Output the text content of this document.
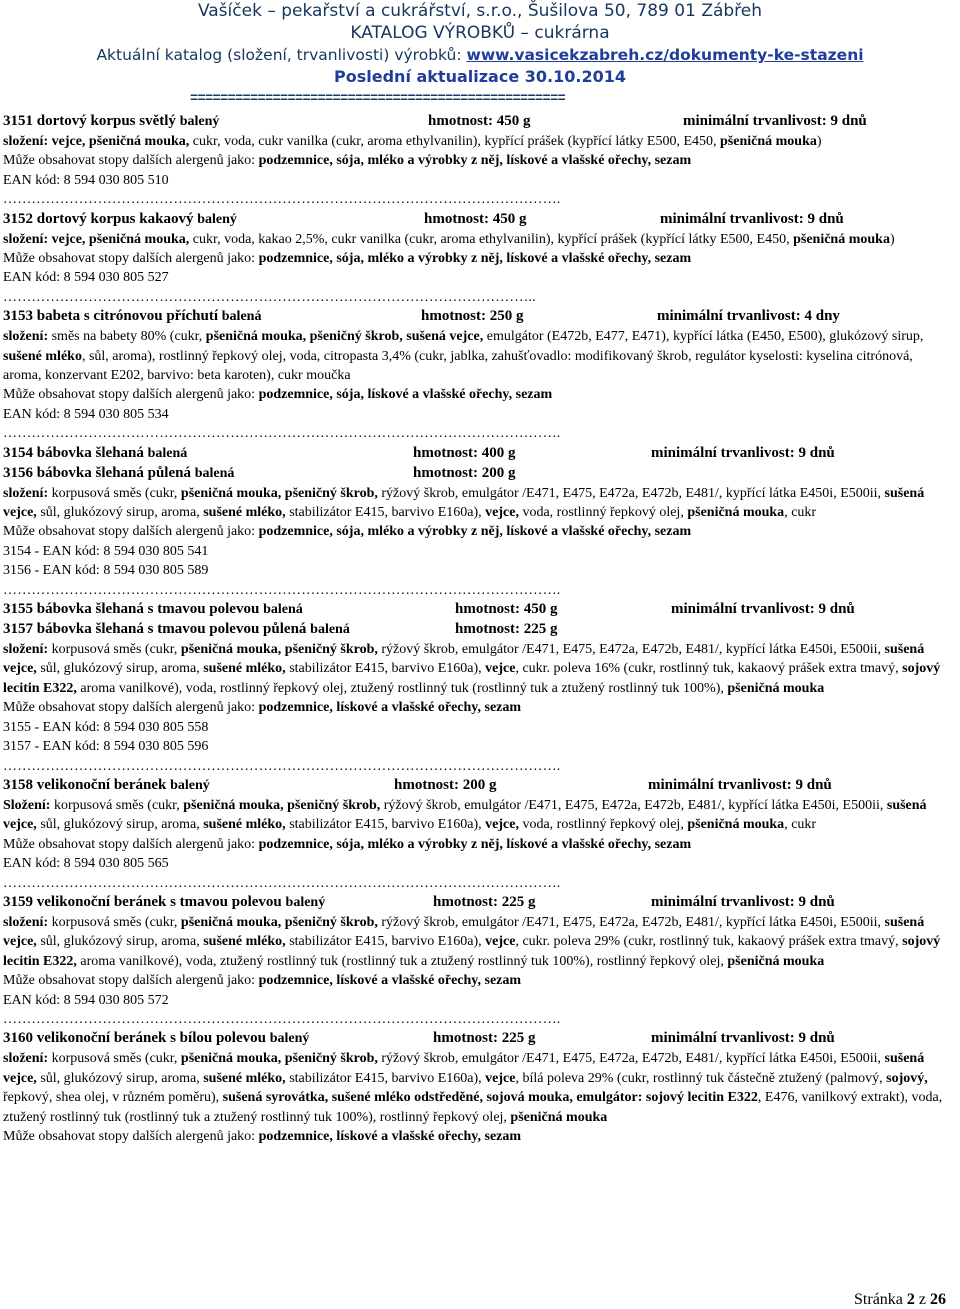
Vašíček – pekařství a cukrářství, s.r.o., Šušilova 50, 789 01 Zábřeh
KATALOG VÝROBKŮ – cukrárna
Aktuální katalog (složení, trvanlivosti) výrobků: www.vasicekzabreh.cz/dokumenty-ke-stazeni
Poslední aktualizace 30.10.2014
==================================================
3151 dortový korpus světlý balený	hmotnost: 450 g	minimální trvanlivost: 9 dnů

složení: vejce, pšeničná mouka, cukr, voda, cukr vanilka (cukr, aroma ethylvanilin), kypřící prášek (kypřící látky E500, E450, pšeničná mouka)

Může obsahovat stopy dalších alergenů jako: podzemnice, sója, mléko a výrobky z něj, lískové a vlašské ořechy, sezam

EAN kód: 8 594 030 805 510

……………………………………………………………………………………………………….
3152 dortový korpus kakaový balený	hmotnost: 450 g	minimální trvanlivost: 9 dnů

složení: vejce, pšeničná mouka, cukr, voda, kakao 2,5%, cukr vanilka (cukr, aroma ethylvanilin), kypřící prášek (kypřící látky E500, E450, pšeničná mouka)

Může obsahovat stopy dalších alergenů jako: podzemnice, sója, mléko a výrobky z něj, lískové a vlašské ořechy, sezam

EAN kód: 8 594 030 805 527

…………………………………………………………………………………………………..
3153 babeta s citrónovou příchutí balená	hmotnost: 250 g	minimální trvanlivost: 4 dny

složení: směs na babety 80% (cukr, pšeničná mouka, pšeničný škrob, sušená vejce, emulgátor (E472b, E477, E471), kypřící látka (E450, E500), glukózový sirup, sušené mléko, sůl, aroma), rostlinný řepkový olej, voda, citropasta 3,4% (cukr, jablka, zahušťovadlo: modifikovaný škrob, regulátor kyselosti: kyselina citrónová, aroma, konzervant E202, barvivo: beta karoten), cukr moučka

Může obsahovat stopy dalších alergenů jako: podzemnice, sója, lískové a vlašské ořechy, sezam

EAN kód: 8 594 030 805 534

……………………………………………………………………………………………………….
3154 bábovka šlehaná balená	hmotnost: 400 g	minimální trvanlivost: 9 dnů
3156 bábovka šlehaná půlená balená	hmotnost: 200 g

složení: korpusová směs (cukr, pšeničná mouka, pšeničný škrob, rýžový škrob, emulgátor /E471, E475, E472a, E472b, E481/, kypřící látka E450i, E500ii, sušená vejce, sůl, glukózový sirup, aroma, sušené mléko, stabilizátor E415, barvivo E160a), vejce, voda, rostlinný řepkový olej, pšeničná mouka, cukr

Může obsahovat stopy dalších alergenů jako: podzemnice, sója, mléko a výrobky z něj, lískové a vlašské ořechy, sezam

3154 - EAN kód: 8 594 030 805 541

3156 - EAN kód: 8 594 030 805 589

……………………………………………………………………………………………………….
3155 bábovka šlehaná s tmavou polevou balená	hmotnost: 450 g	minimální trvanlivost: 9 dnů
3157 bábovka šlehaná s tmavou polevou půlená balená	hmotnost: 225 g

složení: korpusová směs (cukr, pšeničná mouka, pšeničný škrob, rýžový škrob, emulgátor /E471, E475, E472a, E472b, E481/, kypřící látka E450i, E500ii, sušená vejce, sůl, glukózový sirup, aroma, sušené mléko, stabilizátor E415, barvivo E160a), vejce, cukr. poleva 16% (cukr, rostlinný tuk, kakaový prášek extra tmavý, sojový lecitin E322, aroma vanilkové), voda, rostlinný řepkový olej, ztužený rostlinný tuk (rostlinný tuk a ztužený rostlinný tuk 100%), pšeničná mouka

Může obsahovat stopy dalších alergenů jako: podzemnice, lískové a vlašské ořechy, sezam

3155 - EAN kód: 8 594 030 805 558

3157 - EAN kód: 8 594 030 805 596

……………………………………………………………………………………………………….
3158 velikonoční beránek balený	hmotnost: 200 g	minimální trvanlivost: 9 dnů

Složení: korpusová směs (cukr, pšeničná mouka, pšeničný škrob, rýžový škrob, emulgátor /E471, E475, E472a, E472b, E481/, kypřící látka E450i, E500ii, sušená vejce, sůl, glukózový sirup, aroma, sušené mléko, stabilizátor E415, barvivo E160a), vejce, voda, rostlinný řepkový olej, pšeničná mouka, cukr

Může obsahovat stopy dalších alergenů jako: podzemnice, sója, mléko a výrobky z něj, lískové a vlašské ořechy, sezam

EAN kód: 8 594 030 805 565

……………………………………………………………………………………………………….
3159 velikonoční beránek s tmavou polevou balený	hmotnost: 225 g	minimální trvanlivost: 9 dnů

složení: korpusová směs (cukr, pšeničná mouka, pšeničný škrob, rýžový škrob, emulgátor /E471, E475, E472a, E472b, E481/, kypřící látka E450i, E500ii, sušená vejce, sůl, glukózový sirup, aroma, sušené mléko, stabilizátor E415, barvivo E160a), vejce, cukr. poleva 29% (cukr, rostlinný tuk, kakaový prášek extra tmavý, sojový lecitin E322, aroma vanilkové), voda, ztužený rostlinný tuk (rostlinný tuk a ztužený rostlinný tuk 100%), rostlinný řepkový olej, pšeničná mouka

Může obsahovat stopy dalších alergenů jako: podzemnice, lískové a vlašské ořechy, sezam

EAN kód: 8 594 030 805 572

……………………………………………………………………………………………………….
3160 velikonoční beránek s bílou polevou balený	hmotnost: 225 g	minimální trvanlivost: 9 dnů

složení: korpusová směs (cukr, pšeničná mouka, pšeničný škrob, rýžový škrob, emulgátor /E471, E475, E472a, E472b, E481/, kypřící látka E450i, E500ii, sušená vejce, sůl, glukózový sirup, aroma, sušené mléko, stabilizátor E415, barvivo E160a), vejce, bílá poleva 29% (cukr, rostlinný tuk částečně ztužený (palmový, sojový, řepkový, shea olej, v různém poměru), sušená syrovátka, sušené mléko odstředěné, sojová mouka, emulgátor: sojový lecitin E322, E476, vanilkový extrakt), voda, ztužený rostlinný tuk (rostlinný tuk a ztužený rostlinný tuk 100%), rostlinný řepkový olej, pšeničná mouka

Může obsahovat stopy dalších alergenů jako: podzemnice, lískové a vlašské ořechy, sezam

Stránka 2 z 26
